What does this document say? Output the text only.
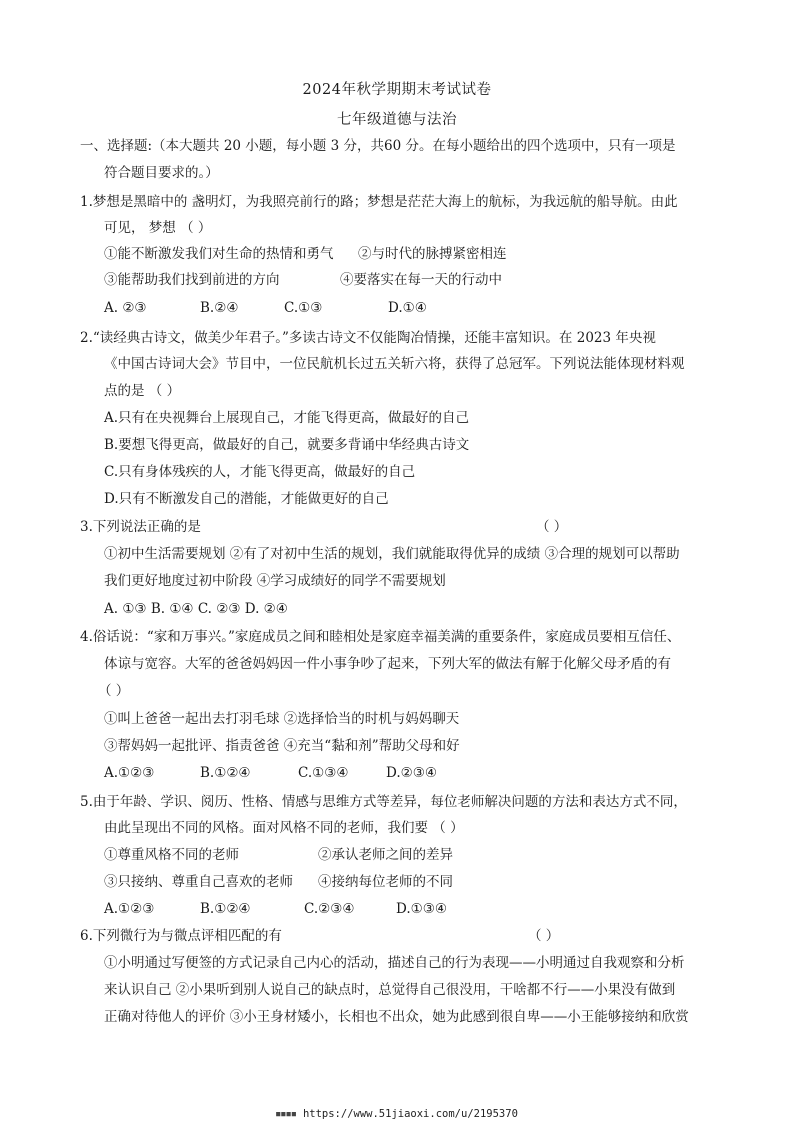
2024年秋学期期末考试试卷
七年级道德与法治
一、选择题:（本大题共 20 小题，每小题 3 分，共60 分。在每小题给出的四个选项中，只有一项是
符合题目要求的。）
1.梦想是黑暗中的 盏明灯，为我照亮前行的路；梦想是茫茫大海上的航标，为我远航的船导航。由此
可见， 梦想 （ ）
①能不断激发我们对生命的热情和勇气 ②与时代的脉搏紧密相连
③能帮助我们找到前进的方向	④要落实在每一天的行动中
A. ②③	B.②④	C.①③	D.①④
2.“读经典古诗文，做美少年君子。”多读古诗文不仅能陶冶情操，还能丰富知识。在 2023 年央视
《中国古诗词大会》节目中，一位民航机长过五关斩六将，获得了总冠军。下列说法能体现材料观
点的是 （ ）
A.只有在央视舞台上展现自己，才能飞得更高，做最好的自己
B.要想飞得更高，做最好的自己，就要多背诵中华经典古诗文
C.只有身体残疾的人，才能飞得更高，做最好的自己
D.只有不断激发自己的潜能，才能做更好的自己
3.下列说法正确的是	（ ）
①初中生活需要规划 ②有了对初中生活的规划，我们就能取得优异的成绩 ③合理的规划可以帮助
我们更好地度过初中阶段 ④学习成绩好的同学不需要规划
A. ①③ B. ①④ C. ②③ D. ②④
4.俗话说：“家和万事兴。”家庭成员之间和睦相处是家庭幸福美满的重要条件，家庭成员要相互信任、
体谅与宽容。大军的爸爸妈妈因一件小事争吵了起来，下列大军的做法有解于化解父母矛盾的有
（ ）
①叫上爸爸一起出去打羽毛球 ②选择恰当的时机与妈妈聊天
③帮妈妈一起批评、指责爸爸 ④充当“黏和剂”帮助父母和好
A.①②③	B.①②④	C.①③④	D.②③④
5.由于年龄、学识、阅历、性格、情感与思维方式等差异，每位老师解决问题的方法和表达方式不同，
由此呈现出不同的风格。面对风格不同的老师，我们要 （ ）
①尊重风格不同的老师	②承认老师之间的差异
③只接纳、尊重自己喜欢的老师 ④接纳每位老师的不同
A.①②③	B.①②④	C.②③④	D.①③④
6.下列微行为与微点评相匹配的有	（ ）
①小明通过写便签的方式记录自己内心的活动，描述自己的行为表现——小明通过自我观察和分析
来认识自己 ②小果听到别人说自己的缺点时，总觉得自己很没用，干啥都不行——小果没有做到
正确对待他人的评价 ③小王身材矮小，长相也不出众，她为此感到很自卑——小王能够接纳和欣赏
■■■■ https://www.51jiaoxi.com/u/2195370
